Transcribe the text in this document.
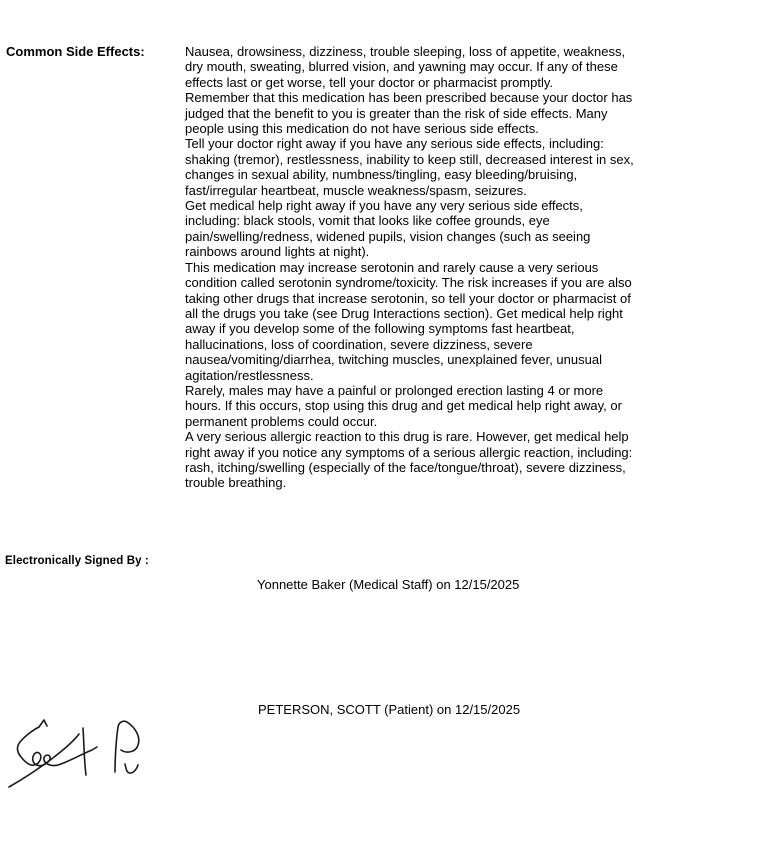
Common Side Effects:	Nausea, drowsiness, dizziness, trouble sleeping, loss of appetite, weakness,
dry mouth, sweating, blurred vision, and yawning may occur. If any of these
effects last or get worse, tell your doctor or pharmacist promptly.
Remember that this medication has been prescribed because your doctor has
judged that the benefit to you is greater than the risk of side effects. Many
people using this medication do not have serious side effects.
Tell your doctor right away if you have any serious side effects, including:
shaking (tremor), restlessness, inability to keep still, decreased interest in sex,
changes in sexual ability, numbness/tingling, easy bleeding/bruising,
fast/irregular heartbeat, muscle weakness/spasm, seizures.
Get medical help right away if you have any very serious side effects,
including: black stools, vomit that looks like coffee grounds, eye
pain/swelling/redness, widened pupils, vision changes (such as seeing
rainbows around lights at night).
This medication may increase serotonin and rarely cause a very serious
condition called serotonin syndrome/toxicity. The risk increases if you are also
taking other drugs that increase serotonin, so tell your doctor or pharmacist of
all the drugs you take (see Drug Interactions section). Get medical help right
away if you develop some of the following symptoms fast heartbeat,
hallucinations, loss of coordination, severe dizziness, severe
nausea/vomiting/diarrhea, twitching muscles, unexplained fever, unusual
agitation/restlessness.
Rarely, males may have a painful or prolonged erection lasting 4 or more
hours. If this occurs, stop using this drug and get medical help right away, or
permanent problems could occur.
A very serious allergic reaction to this drug is rare. However, get medical help
right away if you notice any symptoms of a serious allergic reaction, including:
rash, itching/swelling (especially of the face/tongue/throat), severe dizziness,
trouble breathing.
Electronically Signed By :
Yonnette Baker (Medical Staff) on 12/15/2025
PETERSON, SCOTT (Patient) on 12/15/2025
